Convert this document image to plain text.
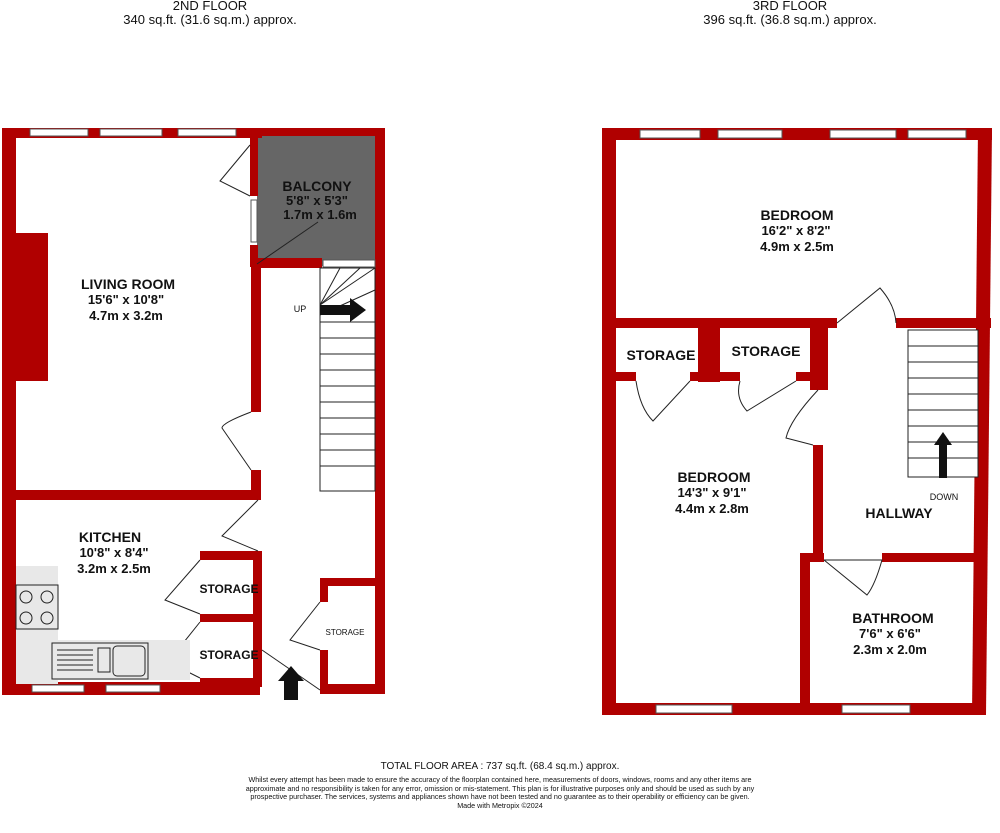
2ND FLOOR
340 sq.ft. (31.6 sq.m.) approx.
3RD FLOOR
396 sq.ft. (36.8 sq.m.) approx.
BALCONY
5'8" x 5'3"
1.7m x 1.6m
LIVING ROOM
15'6" x 10'8"
4.7m x 3.2m
KITCHEN
10'8" x 8'4"
3.2m x 2.5m
STORAGE
STORAGE
STORAGE
UP
BEDROOM
16'2" x 8'2"
4.9m x 2.5m
STORAGE	STORAGE
BEDROOM
14'3" x 9'1"
4.4m x 2.8m	HALLWAY
DOWN
BATHROOM
7'6" x 6'6"
2.3m x 2.0m
TOTAL FLOOR AREA : 737 sq.ft. (68.4 sq.m.) approx.
Whilst every attempt has been made to ensure the accuracy of the floorplan contained here, measurements of doors, windows, rooms and any other items are approximate and no responsibility is taken for any error, omission or mis-statement. This plan is for illustrative purposes only and should be used as such by any prospective purchaser. The services, systems and appliances shown have not been tested and no guarantee as to their operability or efficiency can be given.
Made with Metropix ©2024
